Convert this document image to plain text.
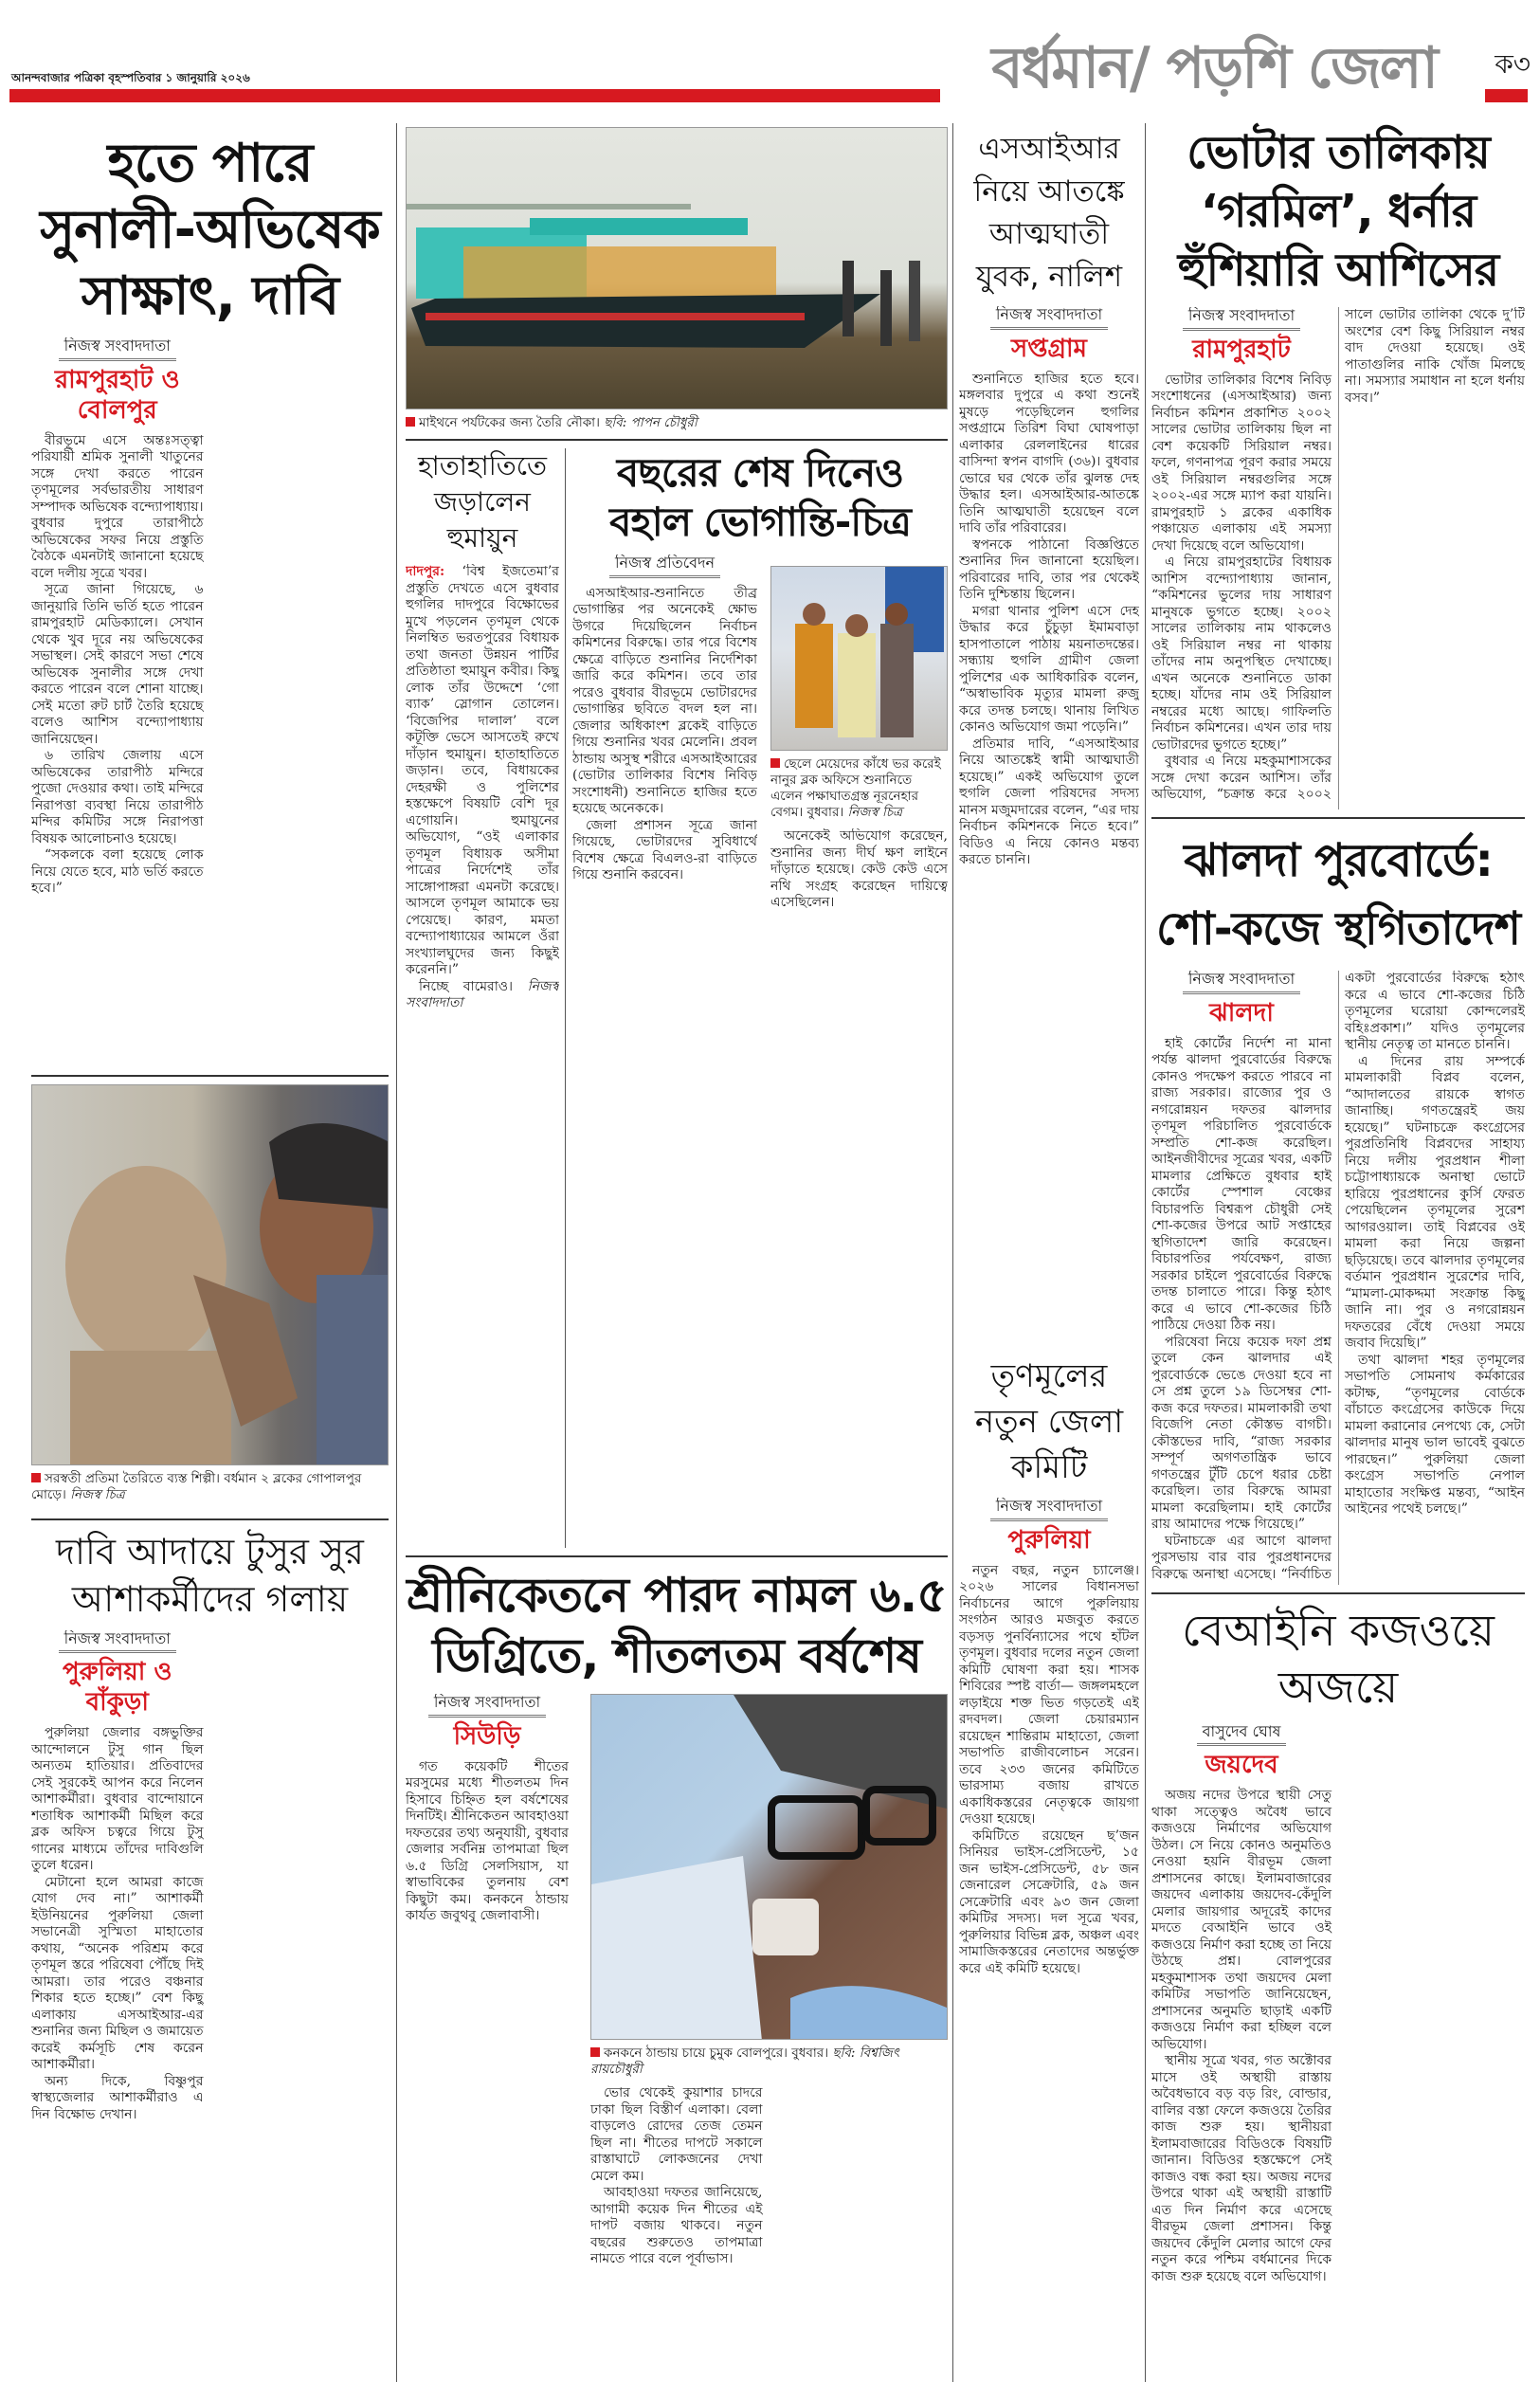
আনন্দবাজার পত্রিকা বৃহস্পতিবার ১ জানুয়ারি ২০২৬	বর্ধমান/ পড়শি জেলা	ক৩
হতে পারে সুনালী-অভিষেক সাক্ষাৎ, দাবি
নিজস্ব সংবাদদাতা
রামপুরহাট ও বোলপুর

বীরভূমে এসে অন্তঃসত্ত্বা পরিযায়ী শ্রমিক সুনালী খাতুনের সঙ্গে দেখা করতে পারেন তৃণমূলের সর্বভারতীয় সাধারণ সম্পাদক অভিষেক বন্দ্যোপাধ্যায়। বুধবার দুপুরে তারাপীঠে অভিষেকের সফর নিয়ে প্রস্তুতি বৈঠকে এমনটাই জানানো হয়েছে বলে দলীয় সূত্রে খবর।

সূত্রে জানা গিয়েছে, ৬ জানুয়ারি তিনি ভর্তি হতে পারেন রামপুরহাট মেডিক্যালে। সেখান থেকে খুব দূরে নয় অভিষেকের সভাস্থল। সেই কারণে সভা শেষে অভিষেক সুনালীর সঙ্গে দেখা করতে পারেন বলে শোনা যাচ্ছে। সেই মতো রুট চার্ট তৈরি হয়েছে বলেও আশিস বন্দ্যোপাধ্যায় জানিয়েছেন।

৬ তারিখ জেলায় এসে অভিষেকের তারাপীঠ মন্দিরে পুজো দেওয়ার কথা। তাই মন্দিরে নিরাপত্তা ব্যবস্থা নিয়ে তারাপীঠ মন্দির কমিটির সঙ্গে নিরাপত্তা বিষয়ক আলোচনাও হয়েছে।

“সকলকে বলা হয়েছে লোক নিয়ে যেতে হবে, মাঠ ভর্তি করতে হবে।”

সরস্বতী প্রতিমা তৈরিতে ব্যস্ত শিল্পী। বর্ধমান ২ ব্লকের গোপালপুর মোড়ে। নিজস্ব চিত্র
দাবি আদায়ে টুসুর সুর আশাকর্মীদের গলায়
নিজস্ব সংবাদদাতা
পুরুলিয়া ও বাঁকুড়া

পুরুলিয়া জেলার বঙ্গভুক্তির আন্দোলনে টুসু গান ছিল অন্যতম হাতিয়ার। প্রতিবাদের সেই সুরকেই আপন করে নিলেন আশাকর্মীরা। বুধবার বান্দোয়ানে শতাধিক আশাকর্মী মিছিল করে ব্লক অফিস চত্বরে গিয়ে টুসু গানের মাধ্যমে তাঁদের দাবিগুলি তুলে ধরেন।

মেটানো হলে আমরা কাজে যোগ দেব না।” আশাকর্মী ইউনিয়নের পুরুলিয়া জেলা সভানেত্রী সুস্মিতা মাহাতোর কথায়, “অনেক পরিশ্রম করে তৃণমূল স্তরে পরিষেবা পৌঁছে দিই আমরা। তার পরেও বঞ্চনার শিকার হতে হচ্ছে।” বেশ কিছু এলাকায় এসআইআর-এর শুনানির জন্য মিছিল ও জমায়েত করেই কর্মসূচি শেষ করেন আশাকর্মীরা।

অন্য দিকে, বিষ্ণুপুর স্বাস্থ্যজেলার আশাকর্মীরাও এ দিন বিক্ষোভ দেখান।

মাইথনে পর্যটকের জন্য তৈরি নৌকা। ছবি: পাপন চৌধুরী
হাতাহাতিতে জড়ালেন হুমায়ুন

দাদপুর: ‘বিশ্ব ইজতেমা’র প্রস্তুতি দেখতে এসে বুধবার হুগলির দাদপুরে বিক্ষোভের মুখে পড়লেন তৃণমূল থেকে নিলম্বিত ভরতপুরের বিধায়ক তথা জনতা উন্নয়ন পার্টির প্রতিষ্ঠাতা হুমায়ুন কবীর। কিছু লোক তাঁর উদ্দেশে ‘গো ব্যাক’ স্লোগান তোলেন। ‘বিজেপির দালাল’ বলে কটূক্তি ভেসে আসতেই রুখে দাঁড়ান হুমায়ুন। হাতাহাতিতে জড়ান। তবে, বিধায়কের দেহরক্ষী ও পুলিশের হস্তক্ষেপে বিষয়টি বেশি দূর এগোয়নি। হুমায়ুনের অভিযোগ, “ওই এলাকার তৃণমূল বিধায়ক অসীমা পাত্রের নির্দেশেই তাঁর সাঙ্গোপাঙ্গরা এমনটা করেছে। আসলে তৃণমূল আমাকে ভয় পেয়েছে। কারণ, মমতা বন্দ্যোপাধ্যায়ের আমলে ওঁরা সংখ্যালঘুদের জন্য কিছুই করেননি।”

নিচ্ছে বামেরাও। নিজস্ব সংবাদদাতা

বছরের শেষ দিনেও বহাল ভোগান্তি-চিত্র
নিজস্ব প্রতিবেদন

এসআইআর-শুনানিতে তীব্র ভোগান্তির পর অনেকেই ক্ষোভ উগরে দিয়েছিলেন নির্বাচন কমিশনের বিরুদ্ধে। তার পরে বিশেষ ক্ষেত্রে বাড়িতে শুনানির নির্দেশিকা জারি করে কমিশন। তবে তার পরেও বুধবার বীরভূমে ভোটারদের ভোগান্তির ছবিতে বদল হল না। জেলার অধিকাংশ ব্লকেই বাড়িতে গিয়ে শুনানির খবর মেলেনি। প্রবল ঠান্ডায় অসুস্থ শরীরে এসআইআরের (ভোটার তালিকার বিশেষ নিবিড় সংশোধনী) শুনানিতে হাজির হতে হয়েছে অনেককে।

জেলা প্রশাসন সূত্রে জানা গিয়েছে, ভোটারদের সুবিধার্থে বিশেষ ক্ষেত্রে বিএলও-রা বাড়িতে গিয়ে শুনানি করবেন।

ছেলে মেয়েদের কাঁধে ভর করেই নানুর ব্লক অফিসে শুনানিতে এলেন পক্ষাঘাতগ্রস্ত নূরনেহার বেগম। বুধবার। নিজস্ব চিত্র

অনেকেই অভিযোগ করেছেন, শুনানির জন্য দীর্ঘ ক্ষণ লাইনে দাঁড়াতে হয়েছে। কেউ কেউ এসে নথি সংগ্রহ করেছেন দায়িত্বে এসেছিলেন।

শ্রীনিকেতনে পারদ নামল ৬.৫ ডিগ্রিতে, শীতলতম বর্ষশেষ
নিজস্ব সংবাদদাতা
সিউড়ি

গত কয়েকটি শীতের মরসুমের মধ্যে শীতলতম দিন হিসাবে চিহ্নিত হল বর্ষশেষের দিনটিই। শ্রীনিকেতন আবহাওয়া দফতরের তথ্য অনুযায়ী, বুধবার জেলার সর্বনিম্ন তাপমাত্রা ছিল ৬.৫ ডিগ্রি সেলসিয়াস, যা স্বাভাবিকের তুলনায় বেশ কিছুটা কম। কনকনে ঠান্ডায় কার্যত জবুথবু জেলাবাসী।

কনকনে ঠান্ডায় চায়ে চুমুক বোলপুরে। বুধবার। ছবি: বিশ্বজিৎ রায়চৌধুরী

ভোর থেকেই কুয়াশার চাদরে ঢাকা ছিল বিস্তীর্ণ এলাকা। বেলা বাড়লেও রোদের তেজ তেমন ছিল না। শীতের দাপটে সকালে রাস্তাঘাটে লোকজনের দেখা মেলে কম।

আবহাওয়া দফতর জানিয়েছে, আগামী কয়েক দিন শীতের এই দাপট বজায় থাকবে। নতুন বছরের শুরুতেও তাপমাত্রা নামতে পারে বলে পূর্বাভাস।

এসআইআর নিয়ে আতঙ্কে আত্মঘাতী যুবক, নালিশ
নিজস্ব সংবাদদাতা
সপ্তগ্রাম

শুনানিতে হাজির হতে হবে। মঙ্গলবার দুপুরে এ কথা শুনেই মুষড়ে পড়েছিলেন হুগলির সপ্তগ্রামে তিরিশ বিঘা ঘোষপাড়া এলাকার রেললাইনের ধারের বাসিন্দা স্বপন বাগদি (৩৬)। বুধবার ভোরে ঘর থেকে তাঁর ঝুলন্ত দেহ উদ্ধার হল। এসআইআর-আতঙ্কে তিনি আত্মঘাতী হয়েছেন বলে দাবি তাঁর পরিবারের।

স্বপনকে পাঠানো বিজ্ঞপ্তিতে শুনানির দিন জানানো হয়েছিল। পরিবারের দাবি, তার পর থেকেই তিনি দুশ্চিন্তায় ছিলেন।

মগরা থানার পুলিশ এসে দেহ উদ্ধার করে চুঁচুড়া ইমামবাড়া হাসপাতালে পাঠায় ময়নাতদন্তের। সন্ধ্যায় হুগলি গ্রামীণ জেলা পুলিশের এক আধিকারিক বলেন, “অস্বাভাবিক মৃত্যুর মামলা রুজু করে তদন্ত চলছে। থানায় লিখিত কোনও অভিযোগ জমা পড়েনি।”

প্রতিমার দাবি, “এসআইআর নিয়ে আতঙ্কেই স্বামী আত্মঘাতী হয়েছে।” একই অভিযোগ তুলে হুগলি জেলা পরিষদের সদস্য মানস মজুমদারের বলেন, “এর দায় নির্বাচন কমিশনকে নিতে হবে।” বিডিও এ নিয়ে কোনও মন্তব্য করতে চাননি।

তৃণমূলের নতুন জেলা কমিটি
নিজস্ব সংবাদদাতা
পুরুলিয়া

নতুন বছর, নতুন চ্যালেঞ্জ। ২০২৬ সালের বিধানসভা নির্বাচনের আগে পুরুলিয়ায় সংগঠন আরও মজবুত করতে বড়সড় পুনর্বিন্যাসের পথে হাঁটল তৃণমূল। বুধবার দলের নতুন জেলা কমিটি ঘোষণা করা হয়। শাসক শিবিরের স্পষ্ট বার্তা— জঙ্গলমহলে লড়াইয়ে শক্ত ভিত গড়তেই এই রদবদল। জেলা চেয়ারম্যান রয়েছেন শান্তিরাম মাহাতো, জেলা সভাপতি রাজীবলোচন সরেন। তবে ২৩৩ জনের কমিটিতে ভারসাম্য বজায় রাখতে একাধিকস্তরের নেতৃত্বকে জায়গা দেওয়া হয়েছে।

কমিটিতে রয়েছেন ছ’জন সিনিয়র ভাইস-প্রেসিডেন্ট, ১৫ জন ভাইস-প্রেসিডেন্ট, ৫৮ জন জেনারেল সেক্রেটারি, ৫৯ জন সেক্রেটারি এবং ৯৩ জন জেলা কমিটির সদস্য। দল সূত্রে খবর, পুরুলিয়ার বিভিন্ন ব্লক, অঞ্চল এবং সামাজিকস্তরের নেতাদের অন্তর্ভুক্ত করে এই কমিটি হয়েছে।

ভোটার তালিকায় ‘গরমিল’, ধর্নার হুঁশিয়ারি আশিসের
নিজস্ব সংবাদদাতা
রামপুরহাট

ভোটার তালিকার বিশেষ নিবিড় সংশোধনের (এসআইআর) জন্য নির্বাচন কমিশন প্রকাশিত ২০০২ সালের ভোটার তালিকায় ছিল না বেশ কয়েকটি সিরিয়াল নম্বর। ফলে, গণনাপত্র পূরণ করার সময়ে ওই সিরিয়াল নম্বরগুলির সঙ্গে ২০০২-এর সঙ্গে ম্যাপ করা যায়নি। রামপুরহাট ১ ব্লকের একাধিক পঞ্চায়েত এলাকায় এই সমস্যা দেখা দিয়েছে বলে অভিযোগ।

এ নিয়ে রামপুরহাটের বিধায়ক আশিস বন্দ্যোপাধ্যায় জানান, “কমিশনের ভুলের দায় সাধারণ মানুষকে ভুগতে হচ্ছে। ২০০২ সালের তালিকায় নাম থাকলেও ওই সিরিয়াল নম্বর না থাকায় তাঁদের নাম অনুপস্থিত দেখাচ্ছে। এখন অনেকে শুনানিতে ডাকা হচ্ছে। যাঁদের নাম ওই সিরিয়াল নম্বরের মধ্যে আছে। গাফিলতি নির্বাচন কমিশনের। এখন তার দায় ভোটারদের ভুগতে হচ্ছে।”

বুধবার এ নিয়ে মহকুমাশাসকের সঙ্গে দেখা করেন আশিস। তাঁর অভিযোগ, “চক্রান্ত করে ২০০২ সালে ভোটার তালিকা থেকে দু’টি অংশের বেশ কিছু সিরিয়াল নম্বর বাদ দেওয়া হয়েছে। ওই পাতাগুলির নাকি খোঁজ মিলছে না। সমস্যার সমাধান না হলে ধর্নায় বসব।”

ঝালদা পুরবোর্ডে: শো-কজে স্থগিতাদেশ
নিজস্ব সংবাদদাতা
ঝালদা

হাই কোর্টের নির্দেশ না মানা পর্যন্ত ঝালদা পুরবোর্ডের বিরুদ্ধে কোনও পদক্ষেপ করতে পারবে না রাজ্য সরকার। রাজ্যের পুর ও নগরোন্নয়ন দফতর ঝালদার তৃণমূল পরিচালিত পুরবোর্ডকে সম্প্রতি শো-কজ করেছিল। আইনজীবীদের সূত্রের খবর, একটি মামলার প্রেক্ষিতে বুধবার হাই কোর্টের স্পেশাল বেঞ্চের বিচারপতি বিশ্বরূপ চৌধুরী সেই শো-কজের উপরে আট সপ্তাহের স্থগিতাদেশ জারি করেছেন। বিচারপতির পর্যবেক্ষণ, রাজ্য সরকার চাইলে পুরবোর্ডের বিরুদ্ধে তদন্ত চালাতে পারে। কিন্তু হঠাৎ করে এ ভাবে শো-কজের চিঠি পাঠিয়ে দেওয়া ঠিক নয়।

পরিষেবা নিয়ে কয়েক দফা প্রশ্ন তুলে কেন ঝালদার এই পুরবোর্ডকে ভেঙে দেওয়া হবে না সে প্রশ্ন তুলে ১৯ ডিসেম্বর শো-কজ করে দফতর। মামলাকারী তথা বিজেপি নেতা কৌস্তভ বাগচী। কৌস্তভের দাবি, “রাজ্য সরকার সম্পূর্ণ অগণতান্ত্রিক ভাবে গণতন্ত্রের টুঁটি চেপে ধরার চেষ্টা করেছিল। তার বিরুদ্ধে আমরা মামলা করেছিলাম। হাই কোর্টের রায় আমাদের পক্ষে গিয়েছে।”

ঘটনাচক্রে এর আগে ঝালদা পুরসভায় বার বার পুরপ্রধানদের বিরুদ্ধে অনাস্থা এসেছে। “নির্বাচিত একটা পুরবোর্ডের বিরুদ্ধে হঠাৎ করে এ ভাবে শো-কজের চিঠি তৃণমূলের ঘরোয়া কোন্দলেরই বহিঃপ্রকাশ।” যদিও তৃণমূলের স্থানীয় নেতৃত্ব তা মানতে চাননি।

এ দিনের রায় সম্পর্কে মামলাকারী বিপ্লব বলেন, “আদালতের রায়কে স্বাগত জানাচ্ছি। গণতন্ত্রেরই জয় হয়েছে।” ঘটনাচক্রে কংগ্রেসের পুরপ্রতিনিধি বিপ্লবদের সাহায্য নিয়ে দলীয় পুরপ্রধান শীলা চট্টোপাধ্যায়কে অনাস্থা ভোটে হারিয়ে পুরপ্রধানের কুর্সি ফেরত পেয়েছিলেন তৃণমূলের সুরেশ আগরওয়াল। তাই বিপ্লবের ওই মামলা করা নিয়ে জল্পনা ছড়িয়েছে। তবে ঝালদার তৃণমূলের বর্তমান পুরপ্রধান সুরেশের দাবি, “মামলা-মোকদ্দমা সংক্রান্ত কিছু জানি না। পুর ও নগরোন্নয়ন দফতরের বেঁধে দেওয়া সময়ে জবাব দিয়েছি।”

তথা ঝালদা শহর তৃণমূলের সভাপতি সোমনাথ কর্মকারের কটাক্ষ, “তৃণমূলের বোর্ডকে বাঁচাতে কংগ্রেসের কাউকে দিয়ে মামলা করানোর নেপথ্যে কে, সেটা ঝালদার মানুষ ভাল ভাবেই বুঝতে পারছেন।” পুরুলিয়া জেলা কংগ্রেস সভাপতি নেপাল মাহাতোর সংক্ষিপ্ত মন্তব্য, “আইন আইনের পথেই চলছে।”

বেআইনি কজওয়ে অজয়ে
বাসুদেব ঘোষ
জয়দেব

অজয় নদের উপরে স্থায়ী সেতু থাকা সত্ত্বেও অবৈধ ভাবে কজওয়ে নির্মাণের অভিযোগ উঠল। সে নিয়ে কোনও অনুমতিও নেওয়া হয়নি বীরভূম জেলা প্রশাসনের কাছে। ইলামবাজারের জয়দেব এলাকায় জয়দেব-কেঁদুলি মেলার জায়গার অদূরেই কাদের মদতে বেআইনি ভাবে ওই কজওয়ে নির্মাণ করা হচ্ছে তা নিয়ে উঠছে প্রশ্ন। বোলপুরের মহকুমাশাসক তথা জয়দেব মেলা কমিটির সভাপতি জানিয়েছেন, প্রশাসনের অনুমতি ছাড়াই একটি কজওয়ে নির্মাণ করা হচ্ছিল বলে অভিযোগ।

স্থানীয় সূত্রে খবর, গত অক্টোবর মাসে ওই অস্থায়ী রাস্তায় অবৈধভাবে বড় বড় রিং, বোল্ডার, বালির বস্তা ফেলে কজওয়ে তৈরির কাজ শুরু হয়। স্থানীয়রা ইলামবাজারের বিডিওকে বিষয়টি জানান। বিডিওর হস্তক্ষেপে সেই কাজও বন্ধ করা হয়। অজয় নদের উপরে থাকা এই অস্থায়ী রাস্তাটি এত দিন নির্মাণ করে এসেছে বীরভূম জেলা প্রশাসন। কিন্তু জয়দেব কেঁদুলি মেলার আগে ফের নতুন করে পশ্চিম বর্ধমানের দিকে কাজ শুরু হয়েছে বলে অভিযোগ।
